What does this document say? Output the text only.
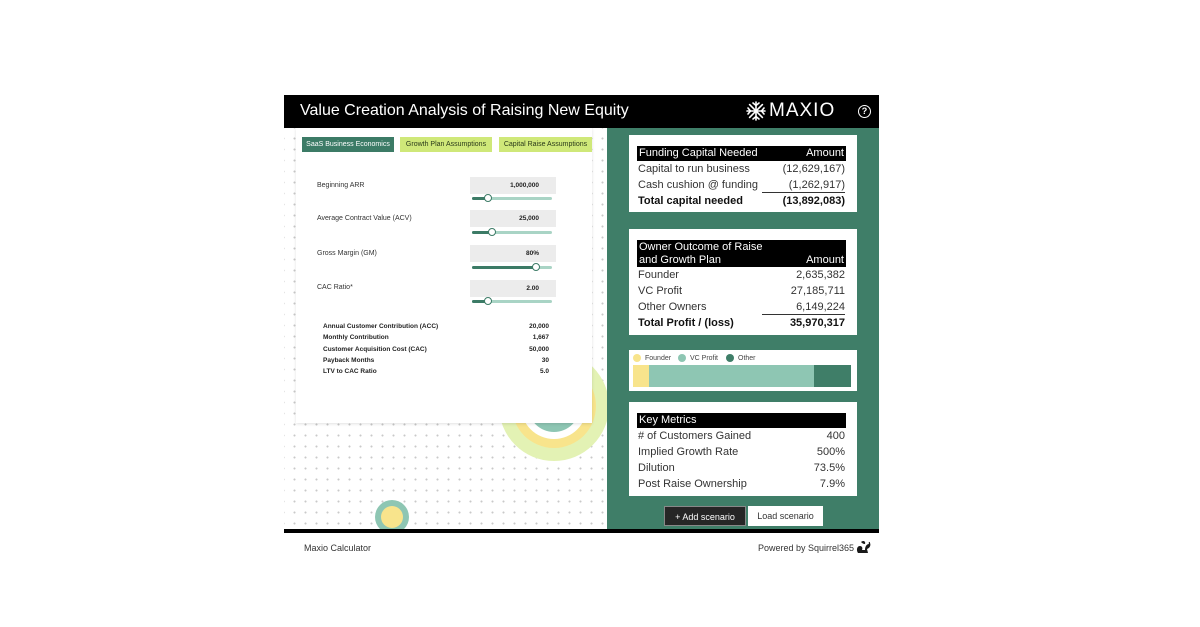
Value Creation Analysis of Raising New Equity	MAXIO	?
SaaS Business Economics	Growth Plan Assumptions	Capital Raise Assumptions
Beginning ARR	1,000,000
Average Contract Value (ACV)	25,000
Gross Margin (GM)	80%
CAC Ratio*	2.00
Annual Customer Contribution (ACC)	20,000
Monthly Contribution	1,667
Customer Acquisition Cost (CAC)	50,000
Payback Months	30
LTV to CAC Ratio	5.0
Funding Capital Needed	Amount
Capital to run business	(12,629,167)
Cash cushion @ funding	(1,262,917)
Total capital needed	(13,892,083)
Owner Outcome of Raise
and Growth Plan	Amount
Founder	2,635,382
VC Profit	27,185,711
Other Owners	6,149,224
Total Profit / (loss)	35,970,317
Founder	VC Profit	Other
Key Metrics
# of Customers Gained	400
Implied Growth Rate	500%
Dilution	73.5%
Post Raise Ownership	7.9%
+ Add scenario	Load scenario
Maxio Calculator	Powered by Squirrel365
